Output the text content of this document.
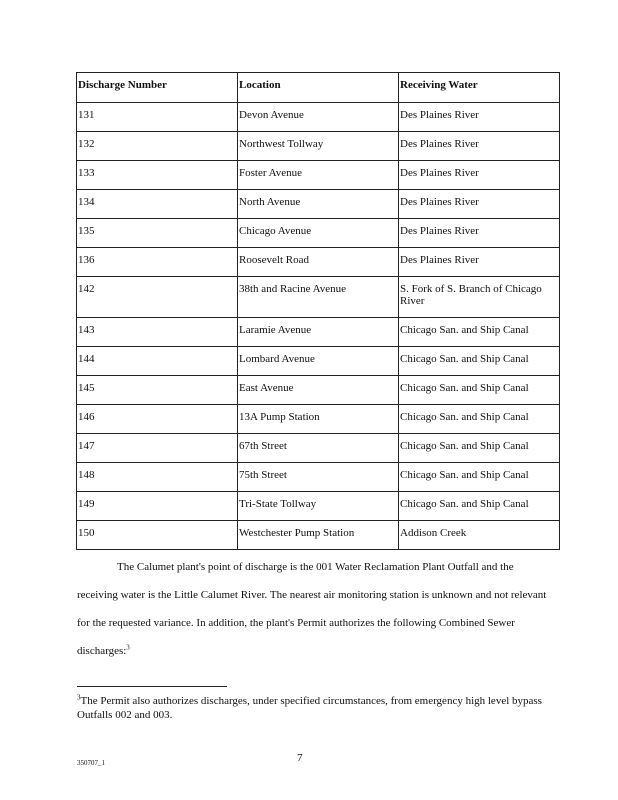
Discharge Number	Location	Receiving Water
131	Devon Avenue	Des Plaines River
132	Northwest Tollway	Des Plaines River
133	Foster Avenue	Des Plaines River
134	North Avenue	Des Plaines River
135	Chicago Avenue	Des Plaines River
136	Roosevelt Road	Des Plaines River
142	38th and Racine Avenue	S. Fork of S. Branch of Chicago River
143	Laramie Avenue	Chicago San. and Ship Canal
144	Lombard Avenue	Chicago San. and Ship Canal
145	East Avenue	Chicago San. and Ship Canal
146	13A Pump Station	Chicago San. and Ship Canal
147	67th Street	Chicago San. and Ship Canal
148	75th Street	Chicago San. and Ship Canal
149	Tri-State Tollway	Chicago San. and Ship Canal
150	Westchester Pump Station	Addison Creek

The Calumet plant's point of discharge is the 001 Water Reclamation Plant Outfall and the receiving water is the Little Calumet River. The nearest air monitoring station is unknown and not relevant for the requested variance. In addition, the plant's Permit authorizes the following Combined Sewer discharges:$^3$

$^3$The Permit also authorizes discharges, under specified circumstances, from emergency high level bypass Outfalls 002 and 003.

350707_1	7
